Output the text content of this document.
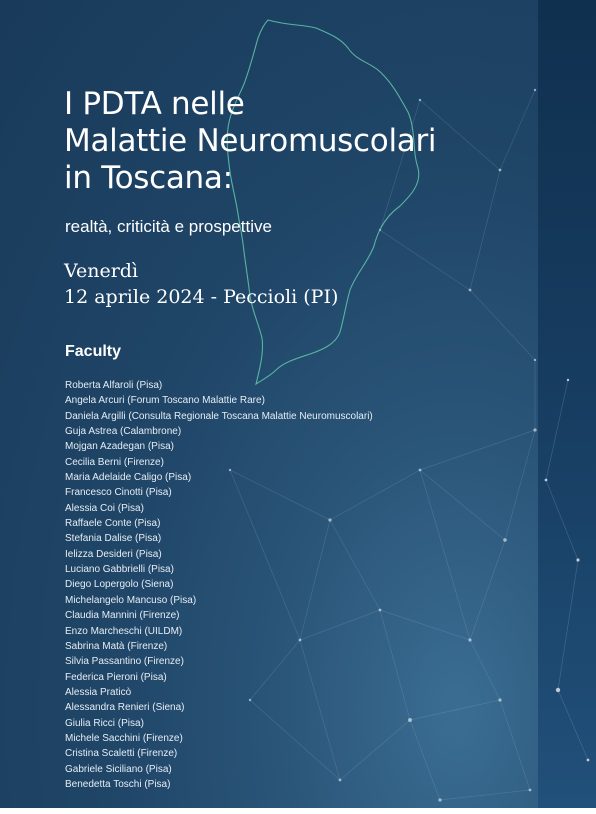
I PDTA nelle
Malattie Neuromuscolari
in Toscana:
realtà, criticità e prospettive
Venerdì
12 aprile 2024 - Peccioli (PI)
Faculty
Roberta Alfaroli (Pisa)
Angela Arcuri (Forum Toscano Malattie Rare)
Daniela Argilli (Consulta Regionale Toscana Malattie Neuromuscolari)
Guja Astrea (Calambrone)
Mojgan Azadegan (Pisa)
Cecilia Berni (Firenze)
Maria Adelaide Caligo (Pisa)
Francesco Cinotti (Pisa)
Alessia Coi (Pisa)
Raffaele Conte (Pisa)
Stefania Dalise (Pisa)
Ielizza Desideri (Pisa)
Luciano Gabbrielli (Pisa)
Diego Lopergolo (Siena)
Michelangelo Mancuso (Pisa)
Claudia Mannini (Firenze)
Enzo Marcheschi (UILDM)
Sabrina Matà (Firenze)
Silvia Passantino (Firenze)
Federica Pieroni (Pisa)
Alessia Praticò
Alessandra Renieri (Siena)
Giulia Ricci (Pisa)
Michele Sacchini (Firenze)
Cristina Scaletti (Firenze)
Gabriele Siciliano (Pisa)
Benedetta Toschi (Pisa)
